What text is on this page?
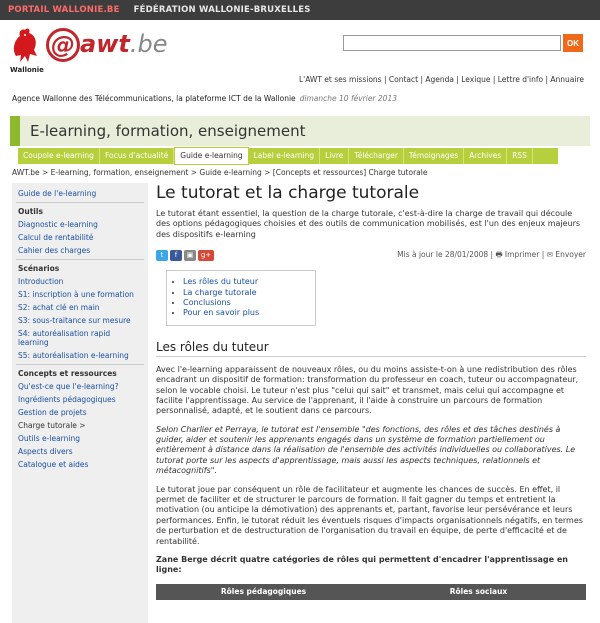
PORTAIL WALLONIE.BE FÉDÉRATION WALLONIE-BRUXELLES
Wallonie
@ awt.be	OK
L'AWT et ses missions | Contact | Agenda | Lexique | Lettre d'info | Annuaire
Agence Wallonne des Télécommunications, la plateforme ICT de la Wallonie dimanche 10 février 2013
E-learning, formation, enseignement
Coupole e-learning	Focus d'actualité	Guide e-learning	Label e-learning	Livre	Télécharger	Témoignages	Archives	RSS
AWT.be > E-learning, formation, enseignement > Guide e-learning > [Concepts et ressources] Charge tutorale
Guide de l'e-learning
Outils
Diagnostic e-learning
Calcul de rentabilité
Cahier des charges
Scénarios
Introduction
S1: inscription à une formation
S2: achat clé en main
S3: sous-traitance sur mesure
S4: autoréalisation rapid learning
S5: autoréalisation e-learning
Concepts et ressources
Qu'est-ce que l'e-learning?
Ingrédients pédagogiques
Gestion de projets
Charge tutorale >
Outils e-learning
Aspects divers
Catalogue et aides
Le tutorat et la charge tutorale
Le tutorat étant essentiel, la question de la charge tutorale, c'est-à-dire la charge de travail qui découle des options pédagogiques choisies et des outils de communication mobilisés, est l'un des enjeux majeurs des dispositifs e-learning
t	f	▣	g+	Mis à jour le 28/01/2008 | 🖶 Imprimer | ✉ Envoyer
• Les rôles du tuteur
• La charge tutorale
• Conclusions
• Pour en savoir plus
Les rôles du tuteur
Avec l'e-learning apparaissent de nouveaux rôles, ou du moins assiste-t-on à une redistribution des rôles encadrant un dispositif de formation: transformation du professeur en coach, tuteur ou accompagnateur, selon le vocable choisi. Le tuteur n'est plus "celui qui sait" et transmet, mais celui qui accompagne et facilite l'apprentissage. Au service de l'apprenant, il l'aide à construire un parcours de formation personnalisé, adapté, et le soutient dans ce parcours.
Selon Charlier et Perraya, le tutorat est l'ensemble "des fonctions, des rôles et des tâches destinés à guider, aider et soutenir les apprenants engagés dans un système de formation partiellement ou entièrement à distance dans la réalisation de l'ensemble des activités individuelles ou collaboratives. Le tutorat porte sur les aspects d'apprentissage, mais aussi les aspects techniques, relationnels et métacognitifs".
Le tutorat joue par conséquent un rôle de facilitateur et augmente les chances de succès. En effet, il permet de faciliter et de structurer le parcours de formation. Il fait gagner du temps et entretient la motivation (ou anticipe la démotivation) des apprenants et, partant, favorise leur persévérance et leurs performances. Enfin, le tutorat réduit les éventuels risques d'impacts organisationnels négatifs, en termes de perturbation et de destructuration de l'organisation du travail en équipe, de perte d'efficacité et de rentabilité.
Zane Berge décrit quatre catégories de rôles qui permettent d'encadrer l'apprentissage en ligne:
Rôles pédagogiques	Rôles sociaux
